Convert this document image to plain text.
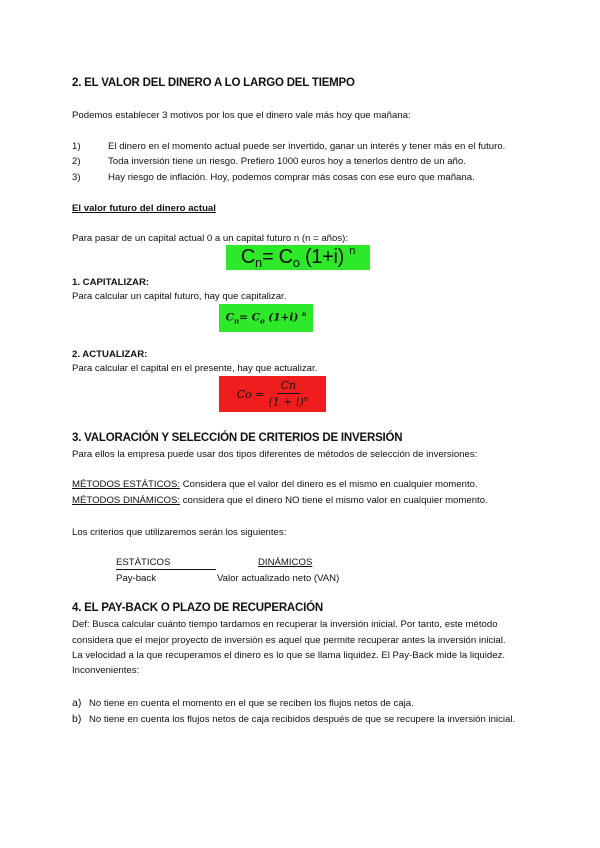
2. EL VALOR DEL DINERO A LO LARGO DEL TIEMPO
Podemos establecer 3 motivos por los que el dinero vale más hoy que mañana:
1)	El dinero en el momento actual puede ser invertido, ganar un interés y tener más en el futuro.
2)	Toda inversión tiene un riesgo. Prefiero 1000 euros hoy a tenerlos dentro de un año.
3)	Hay riesgo de inflación. Hoy, podemos comprar más cosas con ese euro que mañana.
El valor futuro del dinero actual
Para pasar de un capital actual 0 a un capital futuro n (n = años):
$C_n= C_o$ (1+i) $^n$
1. CAPITALIZAR:
Para calcular un capital futuro, hay que capitalizar.
$C_n= C_o$ (1+i) $^n$
2. ACTUALIZAR:
Para calcular el capital en el presente, hay que actualizar.
$Co = \frac{Cn}{(1 + i)^n}$
3. VALORACIÓN Y SELECCIÓN DE CRITERIOS DE INVERSIÓN
Para ellos la empresa puede usar dos tipos diferentes de métodos de selección de inversiones:
MÉTODOS ESTÁTICOS: Considera que el valor del dinero es el mismo en cualquier momento.
MÉTODOS DINÁMICOS: considera que el dinero NO tiene el mismo valor en cualquier momento.
Los criterios que utilizaremos serán los siguientes:
ESTÁTICOS	DINÁMICOS
Pay-back	Valor actualizado neto (VAN)
4. EL PAY-BACK O PLAZO DE RECUPERACIÓN
Def: Busca calcular cuánto tiempo tardamos en recuperar la inversión inicial. Por tanto, este método
considera que el mejor proyecto de inversión es aquel que permite recuperar antes la inversión inicial.
La velocidad a la que recuperamos el dinero es lo que se llama liquidez. El Pay-Back mide la liquidez.
Inconvenientes:
a) No tiene en cuenta el momento en el que se reciben los flujos netos de caja.
b) No tiene en cuenta los flujos netos de caja recibidos después de que se recupere la inversión inicial.
